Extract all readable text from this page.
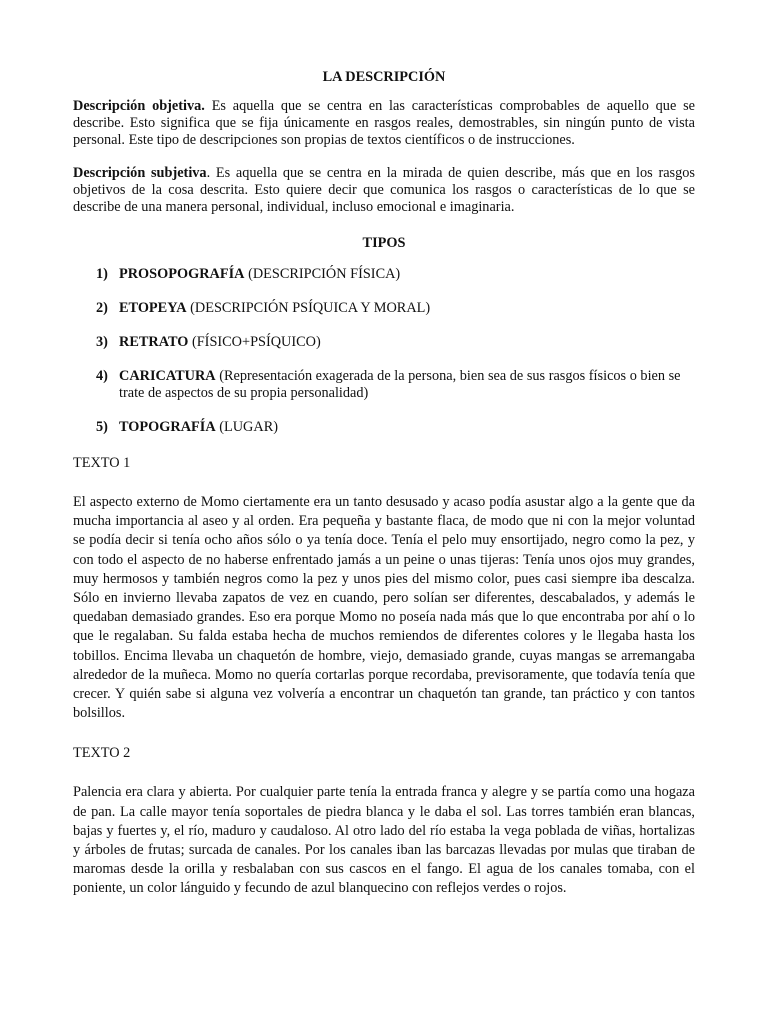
LA DESCRIPCIÓN

Descripción objetiva. Es aquella que se centra en las características comprobables de aquello que se describe. Esto significa que se fija únicamente en rasgos reales, demostrables, sin ningún punto de vista personal. Este tipo de descripciones son propias de textos científicos o de instrucciones.

Descripción subjetiva. Es aquella que se centra en la mirada de quien describe, más que en los rasgos objetivos de la cosa descrita. Esto quiere decir que comunica los rasgos o características de lo que se describe de una manera personal, individual, incluso emocional e imaginaria.

TIPOS
1) PROSOPOGRAFÍA (DESCRIPCIÓN FÍSICA)
2) ETOPEYA (DESCRIPCIÓN PSÍQUICA Y MORAL)
3) RETRATO (FÍSICO+PSÍQUICO)
4) CARICATURA (Representación exagerada de la persona, bien sea de sus rasgos físicos o bien se trate de aspectos de su propia personalidad)
5) TOPOGRAFÍA (LUGAR)
TEXTO 1

El aspecto externo de Momo ciertamente era un tanto desusado y acaso podía asustar algo a la gente que da mucha importancia al aseo y al orden. Era pequeña y bastante flaca, de modo que ni con la mejor voluntad se podía decir si tenía ocho años sólo o ya tenía doce. Tenía el pelo muy ensortijado, negro como la pez, y con todo el aspecto de no haberse enfrentado jamás a un peine o unas tijeras: Tenía unos ojos muy grandes, muy hermosos y también negros como la pez y unos pies del mismo color, pues casi siempre iba descalza. Sólo en invierno llevaba zapatos de vez en cuando, pero solían ser diferentes, descabalados, y además le quedaban demasiado grandes. Eso era porque Momo no poseía nada más que lo que encontraba por ahí o lo que le regalaban. Su falda estaba hecha de muchos remiendos de diferentes colores y le llegaba hasta los tobillos. Encima llevaba un chaquetón de hombre, viejo, demasiado grande, cuyas mangas se arremangaba alrededor de la muñeca. Momo no quería cortarlas porque recordaba, previsoramente, que todavía tenía que crecer. Y quién sabe si alguna vez volvería a encontrar un chaquetón tan grande, tan práctico y con tantos bolsillos.

TEXTO 2

Palencia era clara y abierta. Por cualquier parte tenía la entrada franca y alegre y se partía como una hogaza de pan. La calle mayor tenía soportales de piedra blanca y le daba el sol. Las torres también eran blancas, bajas y fuertes y, el río, maduro y caudaloso. Al otro lado del río estaba la vega poblada de viñas, hortalizas y árboles de frutas; surcada de canales. Por los canales iban las barcazas llevadas por mulas que tiraban de maromas desde la orilla y resbalaban con sus cascos en el fango. El agua de los canales tomaba, con el poniente, un color lánguido y fecundo de azul blanquecino con reflejos verdes o rojos.
